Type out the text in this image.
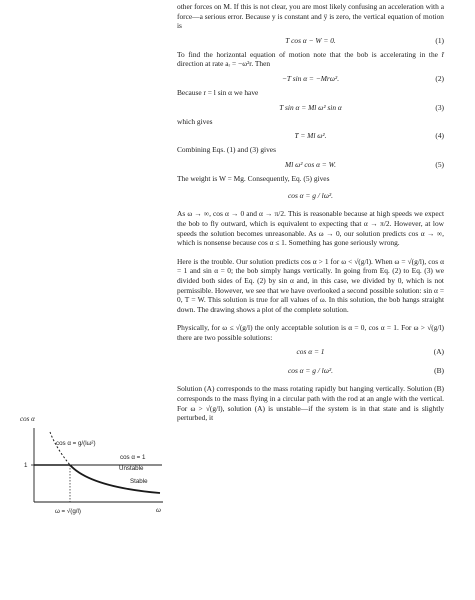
cos α
1
cos α = g/(lω²)
cos α = 1
Unstable
Stable
ω = √(g/l)	ω

other forces on M. If this is not clear, you are most likely confusing an acceleration with a force—a serious error. Because y is constant and ÿ is zero, the vertical equation of motion is

T cos α − W = 0.	(1)

To find the horizontal equation of motion note that the bob is accelerating in the r̂ direction at rate aᵣ = −ω²r. Then

−T sin α = −Mrω².	(2)

Because r = l sin α we have

T sin α = Ml ω² sin α	(3)

which gives

T = Ml ω².	(4)

Combining Eqs. (1) and (3) gives

Ml ω² cos α = W.	(5)

The weight is W = Mg. Consequently, Eq. (5) gives

cos α = g / lω².

As ω → ∞, cos α → 0 and α → π/2. This is reasonable because at high speeds we expect the bob to fly outward, which is equivalent to expecting that α → π/2. However, at low speeds the solution becomes unreasonable. As ω → 0, our solution predicts cos α → ∞, which is nonsense because cos α ≤ 1. Something has gone seriously wrong.

Here is the trouble. Our solution predicts cos α > 1 for ω < √(g/l). When ω = √(g/l), cos α = 1 and sin α = 0; the bob simply hangs vertically. In going from Eq. (2) to Eq. (3) we divided both sides of Eq. (2) by sin α and, in this case, we divided by 0, which is not permissible. However, we see that we have overlooked a second possible solution: sin α = 0, T = W. This solution is true for all values of ω. In this solution, the bob hangs straight down. The drawing shows a plot of the complete solution.

Physically, for ω ≤ √(g/l) the only acceptable solution is α = 0, cos α = 1. For ω > √(g/l) there are two possible solutions:

cos α = 1	(A)
cos α = g / lω².	(B)

Solution (A) corresponds to the mass rotating rapidly but hanging vertically. Solution (B) corresponds to the mass flying in a circular path with the rod at an angle with the vertical. For ω > √(g/l), solution (A) is unstable—if the system is in that state and is slightly perturbed, it
